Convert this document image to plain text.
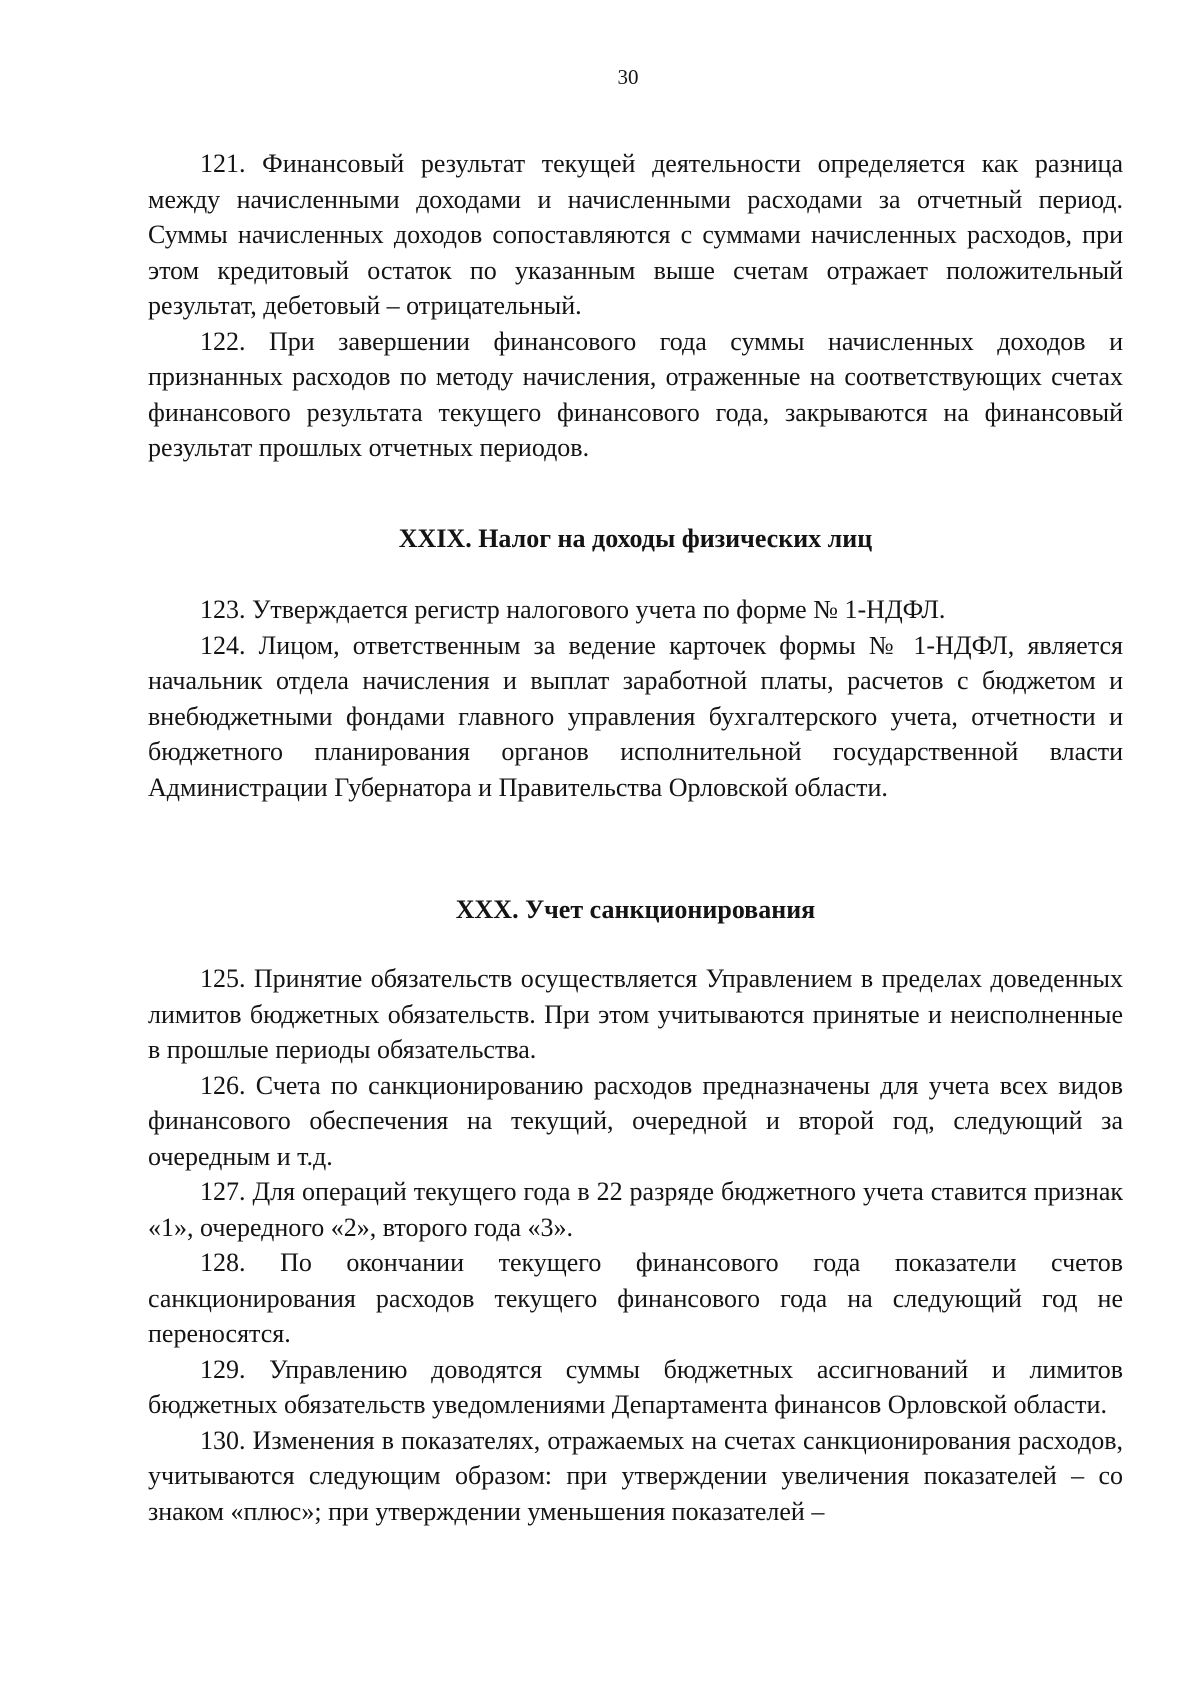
30

121. Финансовый результат текущей деятельности определяется как разница между начисленными доходами и начисленными расходами за отчетный период. Суммы начисленных доходов сопоставляются с суммами начисленных расходов, при этом кредитовый остаток по указанным выше счетам отражает положительный результат, дебетовый – отрицательный.

122. При завершении финансового года суммы начисленных доходов и признанных расходов по методу начисления, отраженные на соответствующих счетах финансового результата текущего финансового года, закрываются на финансовый результат прошлых отчетных периодов.

XXIX. Налог на доходы физических лиц

123. Утверждается регистр налогового учета по форме № 1-НДФЛ.

124. Лицом, ответственным за ведение карточек формы № 1-НДФЛ, является начальник отдела начисления и выплат заработной платы, расчетов с бюджетом и внебюджетными фондами главного управления бухгалтерского учета, отчетности и бюджетного планирования органов исполнительной государственной власти Администрации Губернатора и Правительства Орловской области.

XXX. Учет санкционирования

125. Принятие обязательств осуществляется Управлением в пределах доведенных лимитов бюджетных обязательств. При этом учитываются принятые и неисполненные в прошлые периоды обязательства.

126. Счета по санкционированию расходов предназначены для учета всех видов финансового обеспечения на текущий, очередной и второй год, следующий за очередным и т.д.

127. Для операций текущего года в 22 разряде бюджетного учета ставится признак «1», очередного «2», второго года «3».

128. По окончании текущего финансового года показатели счетов санкционирования расходов текущего финансового года на следующий год не переносятся.

129. Управлению доводятся суммы бюджетных ассигнований и лимитов бюджетных обязательств уведомлениями Департамента финансов Орловской области.

130. Изменения в показателях, отражаемых на счетах санкционирования расходов, учитываются следующим образом: при утверждении увеличения показателей – со знаком «плюс»; при утверждении уменьшения показателей –
